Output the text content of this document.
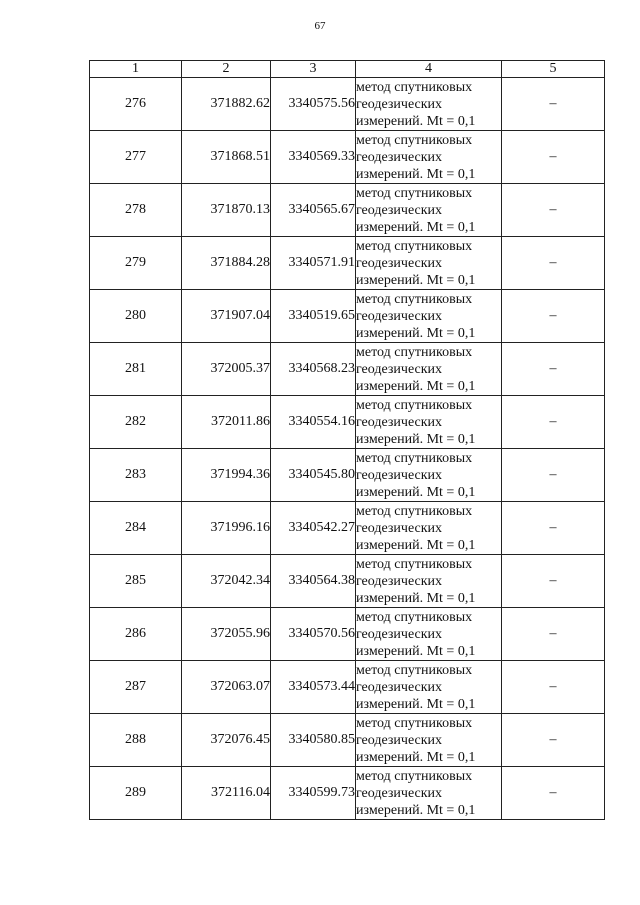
67
1	2	3	4	5
276	371882.62	3340575.56	метод спутниковых
геодезических
измерений. Mt = 0,1	–
277	371868.51	3340569.33	метод спутниковых
геодезических
измерений. Mt = 0,1	–
278	371870.13	3340565.67	метод спутниковых
геодезических
измерений. Mt = 0,1	–
279	371884.28	3340571.91	метод спутниковых
геодезических
измерений. Mt = 0,1	–
280	371907.04	3340519.65	метод спутниковых
геодезических
измерений. Mt = 0,1	–
281	372005.37	3340568.23	метод спутниковых
геодезических
измерений. Mt = 0,1	–
282	372011.86	3340554.16	метод спутниковых
геодезических
измерений. Mt = 0,1	–
283	371994.36	3340545.80	метод спутниковых
геодезических
измерений. Mt = 0,1	–
284	371996.16	3340542.27	метод спутниковых
геодезических
измерений. Mt = 0,1	–
285	372042.34	3340564.38	метод спутниковых
геодезических
измерений. Mt = 0,1	–
286	372055.96	3340570.56	метод спутниковых
геодезических
измерений. Mt = 0,1	–
287	372063.07	3340573.44	метод спутниковых
геодезических
измерений. Mt = 0,1	–
288	372076.45	3340580.85	метод спутниковых
геодезических
измерений. Mt = 0,1	–
289	372116.04	3340599.73	метод спутниковых
геодезических
измерений. Mt = 0,1	–
